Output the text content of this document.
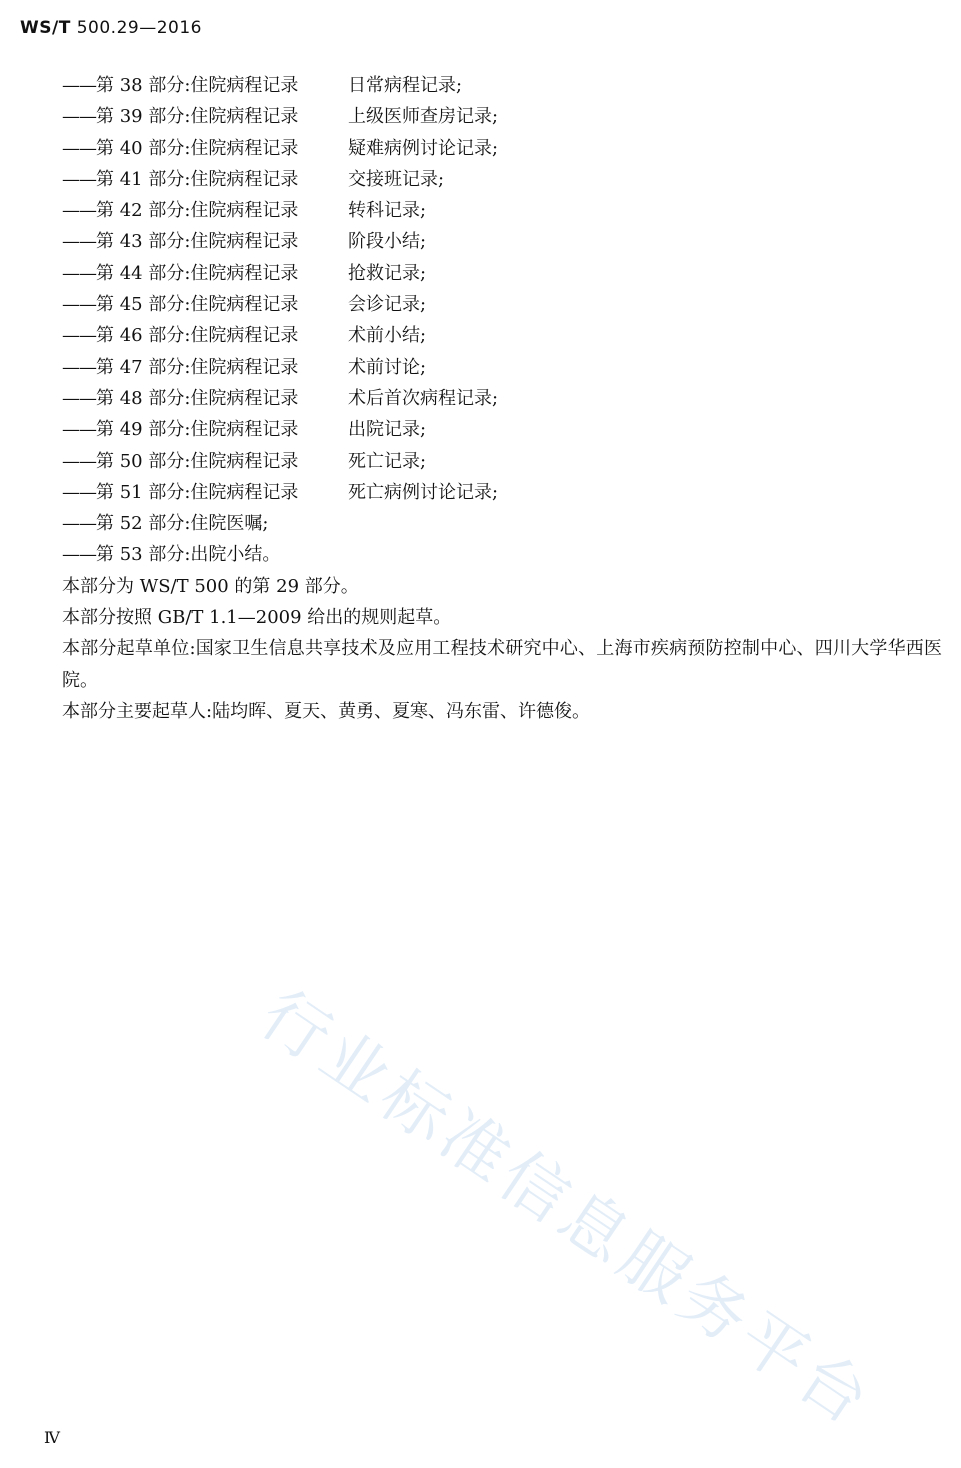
WS/T 500.29—2016
——第 38 部分:住院病程记录	日常病程记录;
——第 39 部分:住院病程记录	上级医师查房记录;
——第 40 部分:住院病程记录	疑难病例讨论记录;
——第 41 部分:住院病程记录	交接班记录;
——第 42 部分:住院病程记录	转科记录;
——第 43 部分:住院病程记录	阶段小结;
——第 44 部分:住院病程记录	抢救记录;
——第 45 部分:住院病程记录	会诊记录;
——第 46 部分:住院病程记录	术前小结;
——第 47 部分:住院病程记录	术前讨论;
——第 48 部分:住院病程记录	术后首次病程记录;
——第 49 部分:住院病程记录	出院记录;
——第 50 部分:住院病程记录	死亡记录;
——第 51 部分:住院病程记录	死亡病例讨论记录;
——第 52 部分:住院医嘱;
——第 53 部分:出院小结。
本部分为 WS/T 500 的第 29 部分。
本部分按照 GB/T 1.1—2009 给出的规则起草。
本部分起草单位:国家卫生信息共享技术及应用工程技术研究中心、上海市疾病预防控制中心、四川大学华西医院。
本部分主要起草人:陆均晖、夏天、黄勇、夏寒、冯东雷、许德俊。
行业标准信息服务平台
Ⅳ
